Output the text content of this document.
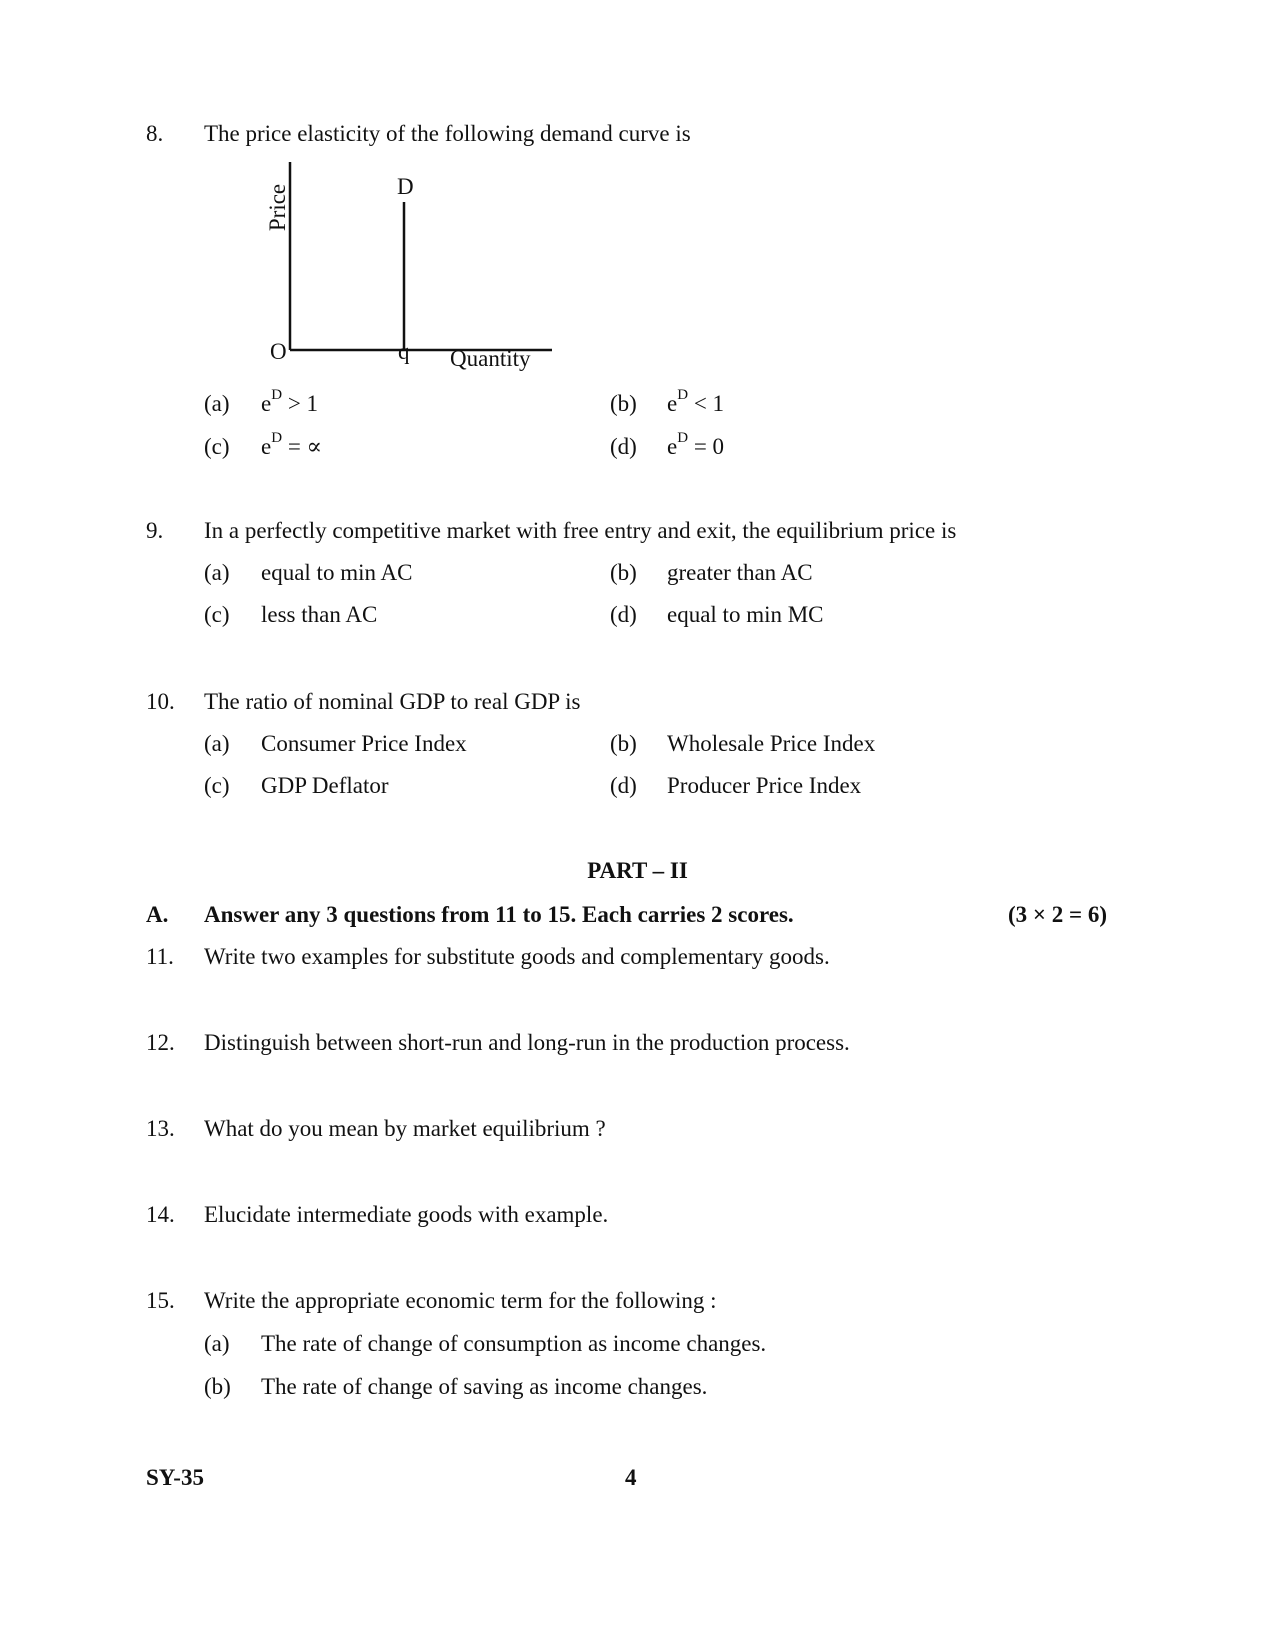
8. The price elasticity of the following demand curve is
Price	D
O	q Quantity
(a) $e^D > 1$	(b) $e^D < 1$
(c) $e^D$ = ∝	(d) $e^D = 0$
9. In a perfectly competitive market with free entry and exit, the equilibrium price is
(a) equal to min AC	(b) greater than AC
(c) less than AC	(d) equal to min MC
10. The ratio of nominal GDP to real GDP is
(a) Consumer Price Index	(b) Wholesale Price Index
(c) GDP Deflator	(d) Producer Price Index
PART – II
A. Answer any 3 questions from 11 to 15. Each carries 2 scores.	(3 × 2 = 6)
11. Write two examples for substitute goods and complementary goods.
12. Distinguish between short-run and long-run in the production process.
13. What do you mean by market equilibrium ?
14. Elucidate intermediate goods with example.
15. Write the appropriate economic term for the following :
(a) The rate of change of consumption as income changes.
(b) The rate of change of saving as income changes.
SY-35	4
